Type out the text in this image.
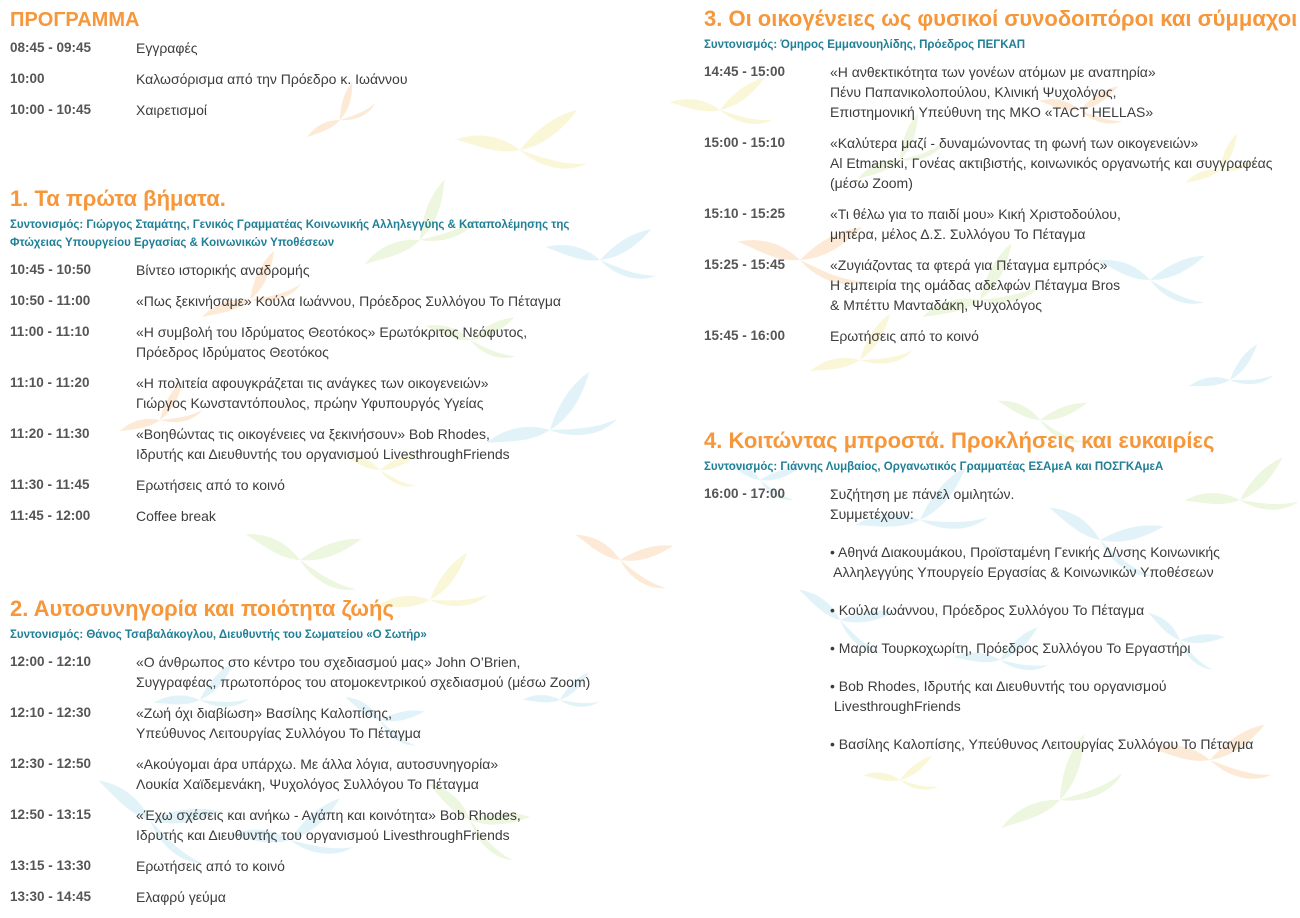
ΠΡΟΓΡΑΜΜΑ
08:45 - 09:45	Εγγραφές
10:00	Καλωσόρισμα από την Πρόεδρο κ. Ιωάννου
10:00 - 10:45	Χαιρετισμοί
1. Τα πρώτα βήματα.
Συντονισμός: Γιώργος Σταμάτης, Γενικός Γραμματέας Κοινωνικής Αλληλεγγύης & Καταπολέμησης της
Φτώχειας Υπουργείου Εργασίας & Κοινωνικών Υποθέσεων
10:45 - 10:50	Βίντεο ιστορικής αναδρομής
10:50 - 11:00	«Πως ξεκινήσαμε» Κούλα Ιωάννου, Πρόεδρος Συλλόγου Το Πέταγμα
11:00 - 11:10	«Η συμβολή του Ιδρύματος Θεοτόκος» Ερωτόκριτος Νεόφυτος,
Πρόεδρος Ιδρύματος Θεοτόκος
11:10 - 11:20	«Η πολιτεία αφουγκράζεται τις ανάγκες των οικογενειών»
Γιώργος Κωνσταντόπουλος, πρώην Υφυπουργός Υγείας
11:20 - 11:30	«Βοηθώντας τις οικογένειες να ξεκινήσουν» Bob Rhodes,
Ιδρυτής και Διευθυντής του οργανισμού LivesthroughFriends
11:30 - 11:45	Ερωτήσεις από το κοινό
11:45 - 12:00	Coffee break
2. Αυτοσυνηγορία και ποιότητα ζωής
Συντονισμός: Θάνος Τσαβαλάκογλου, Διευθυντής του Σωματείου «Ο Σωτήρ»
12:00 - 12:10	«Ο άνθρωπος στο κέντρο του σχεδιασμού μας» John O’Brien,
Συγγραφέας, πρωτοπόρος του ατομοκεντρικού σχεδιασμού (μέσω Zoom)
12:10 - 12:30	«Ζωή όχι διαβίωση» Βασίλης Καλοπίσης,
Υπεύθυνος Λειτουργίας Συλλόγου Το Πέταγμα
12:30 - 12:50	«Ακούγομαι άρα υπάρχω. Με άλλα λόγια, αυτοσυνηγορία»
Λουκία Χαϊδεμενάκη, Ψυχολόγος Συλλόγου Το Πέταγμα
12:50 - 13:15	«Έχω σχέσεις και ανήκω - Αγάπη και κοινότητα» Bob Rhodes,
Ιδρυτής και Διευθυντής του οργανισμού LivesthroughFriends
13:15 - 13:30	Ερωτήσεις από το κοινό
13:30 - 14:45	Ελαφρύ γεύμα
3. Οι οικογένειες ως φυσικοί συνοδοιπόροι και σύμμαχοι
Συντονισμός: Όμηρος Εμμανουηλίδης, Πρόεδρος ΠΕΓΚΑΠ
14:45 - 15:00	«Η ανθεκτικότητα των γονέων ατόμων με αναπηρία»
Πένυ Παπανικολοπούλου, Κλινική Ψυχολόγος,
Επιστημονική Υπεύθυνη της ΜΚΟ «TACT HELLAS»
15:00 - 15:10	«Καλύτερα μαζί - δυναμώνοντας τη φωνή των οικογενειών»
Al Etmanski, Γονέας ακτιβιστής, κοινωνικός οργανωτής και συγγραφέας
(μέσω Zoom)
15:10 - 15:25	«Τι θέλω για το παιδί μου» Κική Χριστοδούλου,
μητέρα, μέλος Δ.Σ. Συλλόγου Το Πέταγμα
15:25 - 15:45	«Ζυγιάζοντας τα φτερά για Πέταγμα εμπρός»
Η εμπειρία της ομάδας αδελφών Πέταγμα Bros
& Μπέττυ Μανταδάκη, Ψυχολόγος
15:45 - 16:00	Ερωτήσεις από το κοινό
4. Κοιτώντας μπροστά. Προκλήσεις και ευκαιρίες
Συντονισμός: Γιάννης Λυμβαίος, Οργανωτικός Γραμματέας ΕΣΑμεΑ και ΠΟΣΓΚΑμεΑ
16:00 - 17:00	Συζήτηση με πάνελ ομιλητών.
Συμμετέχουν:
• Αθηνά Διακουμάκου, Προϊσταμένη Γενικής Δ/νσης Κοινωνικής
Αλληλεγγύης Υπουργείο Εργασίας & Κοινωνικών Υποθέσεων
• Κούλα Ιωάννου, Πρόεδρος Συλλόγου Το Πέταγμα
• Μαρία Τουρκοχωρίτη, Πρόεδρος Συλλόγου Το Εργαστήρι
• Bob Rhodes, Ιδρυτής και Διευθυντής του οργανισμού
LivesthroughFriends
• Βασίλης Καλοπίσης, Υπεύθυνος Λειτουργίας Συλλόγου Το Πέταγμα
